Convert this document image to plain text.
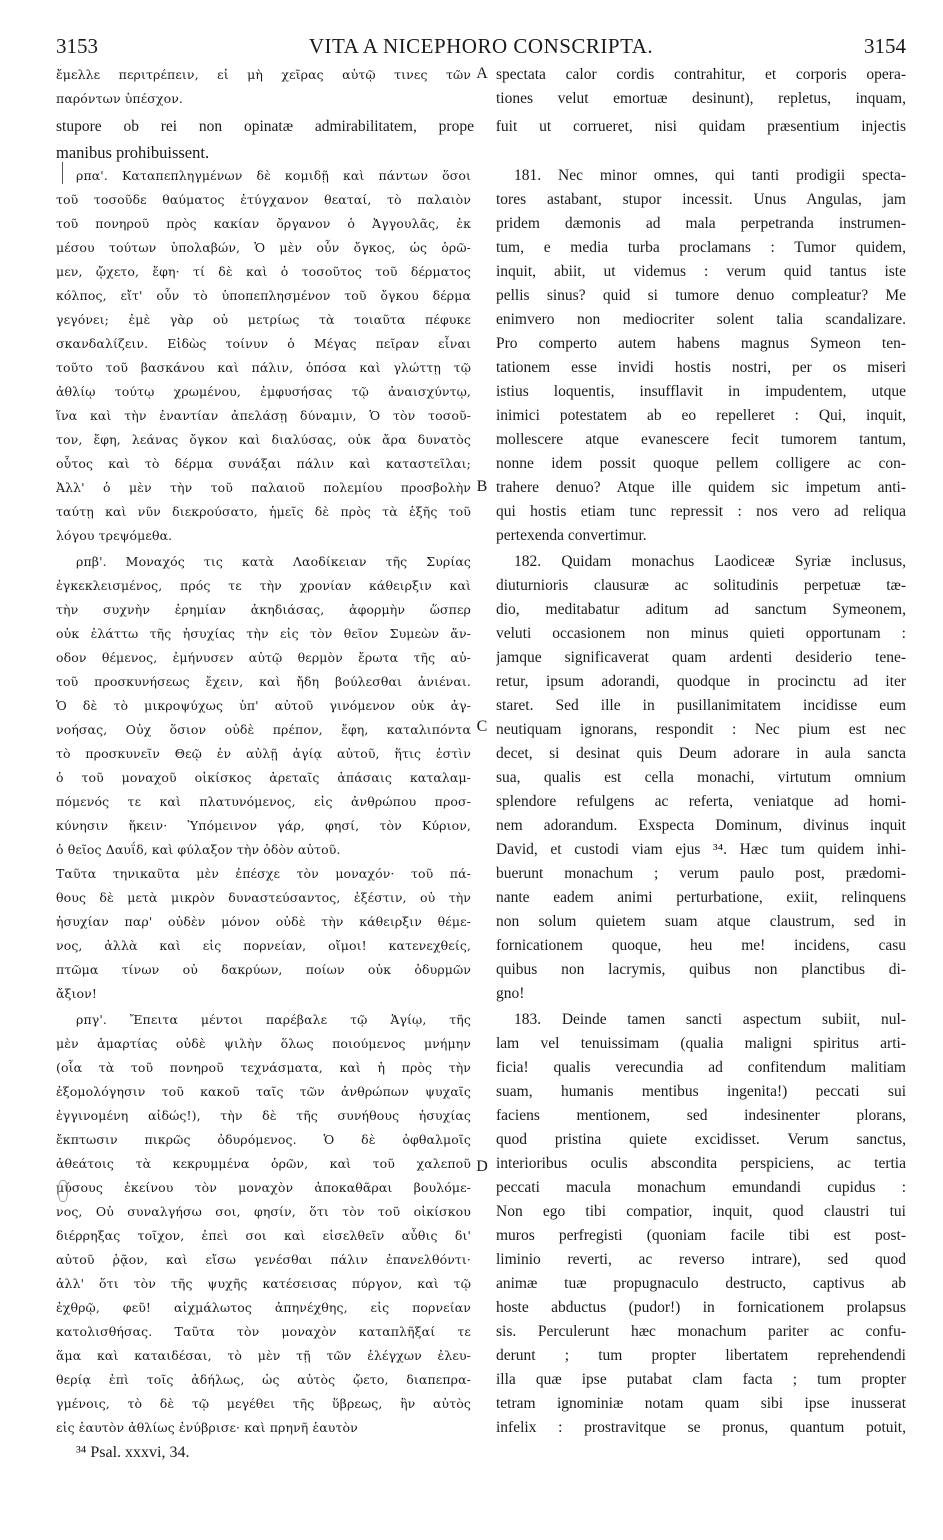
3153	VITA A NICEPHORO CONSCRIPTA.	3154
ἔμελλε περιτρέπειν, εἰ μὴ χεῖρας αὐτῷ τινες τῶν
παρόντων ὑπέσχον.
manibus prohibuissent.
ρπα'. Καταπεπληγμένων δὲ κομιδῇ καὶ πάντων ὅσοι
τοῦ τοσοῦδε θαύματος ἐτύγχανον θεαταί, τὸ παλαιὸν
τοῦ πονηροῦ πρὸς κακίαν ὄργανον ὁ Ἀγγουλᾶς, ἐκ
μέσου τούτων ὑπολαβών, Ὁ μὲν οὖν ὄγκος, ὡς ὁρῶ-
μεν, ᾤχετο, ἔφη· τί δὲ καὶ ὁ τοσοῦτος τοῦ δέρματος
κόλπος, εἴτ' οὖν τὸ ὑποπεπλησμένον τοῦ ὄγκου δέρμα
γεγόνει; ἐμὲ γὰρ οὐ μετρίως τὰ τοιαῦτα πέφυκε
σκανδαλίζειν. Εἰδὼς τοίνυν ὁ Μέγας πεῖραν εἶναι
τοῦτο τοῦ βασκάνου καὶ πάλιν, ὁπόσα καὶ γλώττῃ τῷ
ἀθλίῳ τούτῳ χρωμένου, ἐμφυσήσας τῷ ἀναισχύντῳ,
ἵνα καὶ τὴν ἐναντίαν ἀπελάσῃ δύναμιν, Ὁ τὸν τοσοῦ-
τον, ἔφη, λεάνας ὄγκον καὶ διαλύσας, οὐκ ἄρα δυνατὸς
οὗτος καὶ τὸ δέρμα συνάξαι πάλιν καὶ καταστεῖλαι;
Ἀλλ' ὁ μὲν τὴν τοῦ παλαιοῦ πολεμίου προσβολὴν
ταύτῃ καὶ νῦν διεκρούσατο, ἡμεῖς δὲ πρὸς τὰ ἑξῆς τοῦ
λόγου τρεψόμεθα.
ρπβ'. Μοναχός τις κατὰ Λαοδίκειαν τῆς Συρίας
ἐγκεκλεισμένος, πρός τε τὴν χρονίαν κάθειρξιν καὶ
τὴν συχνὴν ἐρημίαν ἀκηδιάσας, ἀφορμὴν ὥσπερ
οὐκ ἐλάττω τῆς ἡσυχίας τὴν εἰς τὸν θεῖον Συμεὼν ἄν-
οδον θέμενος, ἐμήνυσεν αὐτῷ θερμὸν ἔρωτα τῆς αὐ-
τοῦ προσκυνήσεως ἔχειν, καὶ ἤδη βούλεσθαι ἀνιέναι.
Ὁ δὲ τὸ μικροψύχως ὑπ' αὐτοῦ γινόμενον οὐκ ἀγ-
νοήσας, Οὐχ ὅσιον οὐδὲ πρέπον, ἔφη, καταλιπόντα
τὸ προσκυνεῖν Θεῷ ἐν αὐλῇ ἁγίᾳ αὐτοῦ, ἥτις ἐστὶν
ὁ τοῦ μοναχοῦ οἰκίσκος ἀρεταῖς ἁπάσαις καταλαμ-
πόμενός τε καὶ πλατυνόμενος, εἰς ἀνθρώπου προσ-
κύνησιν ἥκειν· Ὑπόμεινον γάρ, φησί, τὸν Κύριον,
ὁ θεῖος Δαυΐδ, καὶ φύλαξον τὴν ὁδὸν αὐτοῦ.
Ταῦτα τηνικαῦτα μὲν ἐπέσχε τὸν μοναχόν· τοῦ πά-
θους δὲ μετὰ μικρὸν δυναστεύσαντος, ἐξέστιν, οὐ τὴν
ἡσυχίαν παρ' οὐδὲν μόνον οὐδὲ τὴν κάθειρξιν θέμε-
νος, ἀλλὰ καὶ εἰς πορνείαν, οἴμοι! κατενεχθείς,
πτῶμα τίνων οὐ δακρύων, ποίων οὐκ ὀδυρμῶν
ἄξιον!
ρπγ'. Ἔπειτα μέντοι παρέβαλε τῷ Ἁγίῳ, τῆς
μὲν ἁμαρτίας οὐδὲ ψιλὴν ὅλως ποιούμενος μνήμην
(οἷα τὰ τοῦ πονηροῦ τεχνάσματα, καὶ ἡ πρὸς τὴν
ἐξομολόγησιν τοῦ κακοῦ ταῖς τῶν ἀνθρώπων ψυχαῖς
ἐγγινομένη αἰδώς!), τὴν δὲ τῆς συνήθους ἡσυχίας
ἔκπτωσιν πικρῶς ὀδυρόμενος. Ὁ δὲ ὀφθαλμοῖς
ἀθεάτοις τὰ κεκρυμμένα ὁρῶν, καὶ τοῦ χαλεποῦ
μύσους ἐκείνου τὸν μοναχὸν ἀποκαθᾶραι βουλόμε-
νος, Οὐ συναλγήσω σοι, φησίν, ὅτι τὸν τοῦ οἰκίσκου
διέρρηξας τοῖχον, ἐπεὶ σοι καὶ εἰσελθεῖν αὖθις δι'
αὐτοῦ ῥᾷον, καὶ εἴσω γενέσθαι πάλιν ἐπανελθόντι·
ἀλλ' ὅτι τὸν τῆς ψυχῆς κατέσεισας πύργον, καὶ τῷ
ἐχθρῷ, φεῦ! αἰχμάλωτος ἀπηνέχθης, εἰς πορνείαν
κατολισθήσας. Ταῦτα τὸν μοναχὸν καταπλῆξαί τε
ἅμα καὶ καταιδέσαι, τὸ μὲν τῇ τῶν ἐλέγχων ἐλευ-
θερίᾳ ἐπὶ τοῖς ἀδήλως, ὡς αὐτὸς ᾤετο, διαπεπρα-
γμένοις, τὸ δὲ τῷ μεγέθει τῆς ὕβρεως, ἣν αὐτὸς
εἰς ἑαυτὸν ἀθλίως ἐνύβρισε· καὶ πρηνῆ ἑαυτὸν
spectata calor cordis contrahitur, et corporis opera-
tiones velut emortuæ desinunt), repletus, inquam,
181. Nec minor omnes, qui tanti prodigii specta-
tores astabant, stupor incessit. Unus Angulas, jam
pridem dæmonis ad mala perpetranda instrumen-
tum, e media turba proclamans : Tumor quidem,
inquit, abiit, ut videmus : verum quid tantus iste
pellis sinus? quid si tumore denuo compleatur? Me
enimvero non mediocriter solent talia scandalizare.
Pro comperto autem habens magnus Symeon ten-
tationem esse invidi hostis nostri, per os miseri
istius loquentis, insufflavit in impudentem, utque
inimici potestatem ab eo repelleret : Qui, inquit,
mollescere atque evanescere fecit tumorem tantum,
nonne idem possit quoque pellem colligere ac con-
trahere denuo? Atque ille quidem sic impetum anti-
qui hostis etiam tunc repressit : nos vero ad reliqua
pertexenda convertimur.
182. Quidam monachus Laodiceæ Syriæ inclusus,
diuturnioris clausuræ ac solitudinis perpetuæ tæ-
dio, meditabatur aditum ad sanctum Symeonem,
veluti occasionem non minus quieti opportunam :
jamque significaverat quam ardenti desiderio tene-
retur, ipsum adorandi, quodque in procinctu ad iter
staret. Sed ille in pusillanimitatem incidisse eum
neutiquam ignorans, respondit : Nec pium est nec
decet, si desinat quis Deum adorare in aula sancta
sua, qualis est cella monachi, virtutum omnium
splendore refulgens ac referta, veniatque ad homi-
nem adorandum. Exspecta Dominum, divinus inquit
David, et custodi viam ejus ³⁴. Hæc tum quidem inhi-
buerunt monachum ; verum paulo post, prædomi-
nante eadem animi perturbatione, exiit, relinquens
non solum quietem suam atque claustrum, sed in
fornicationem quoque, heu me! incidens, casu
quibus non lacrymis, quibus non planctibus di-
gno!
183. Deinde tamen sancti aspectum subiit, nul-
lam vel tenuissimam (qualia maligni spiritus arti-
ficia! qualis verecundia ad confitendum malitiam
suam, humanis mentibus ingenita!) peccati sui
faciens mentionem, sed indesinenter plorans,
quod pristina quiete excidisset. Verum sanctus,
interioribus oculis abscondita perspiciens, ac tertia
peccati macula monachum emundandi cupidus :
Non ego tibi compatior, inquit, quod claustri tui
muros perfregisti (quoniam facile tibi est post-
liminio reverti, ac reverso intrare), sed quod
animæ tuæ propugnaculo destructo, captivus ab
hoste abductus (pudor!) in fornicationem prolapsus
sis. Perculerunt hæc monachum pariter ac confu-
derunt ; tum propter libertatem reprehendendi
illa quæ ipse putabat clam facta ; tum propter
tetram ignominiæ notam quam sibi ipse inusserat
infelix : prostravitque se pronus, quantum potuit,
stupore ob rei non opinatæ admirabilitatem, prope fuit ut corrueret, nisi quidam præsentium injectis
A
B
C
D
³⁴ Psal. xxxvi, 34.
